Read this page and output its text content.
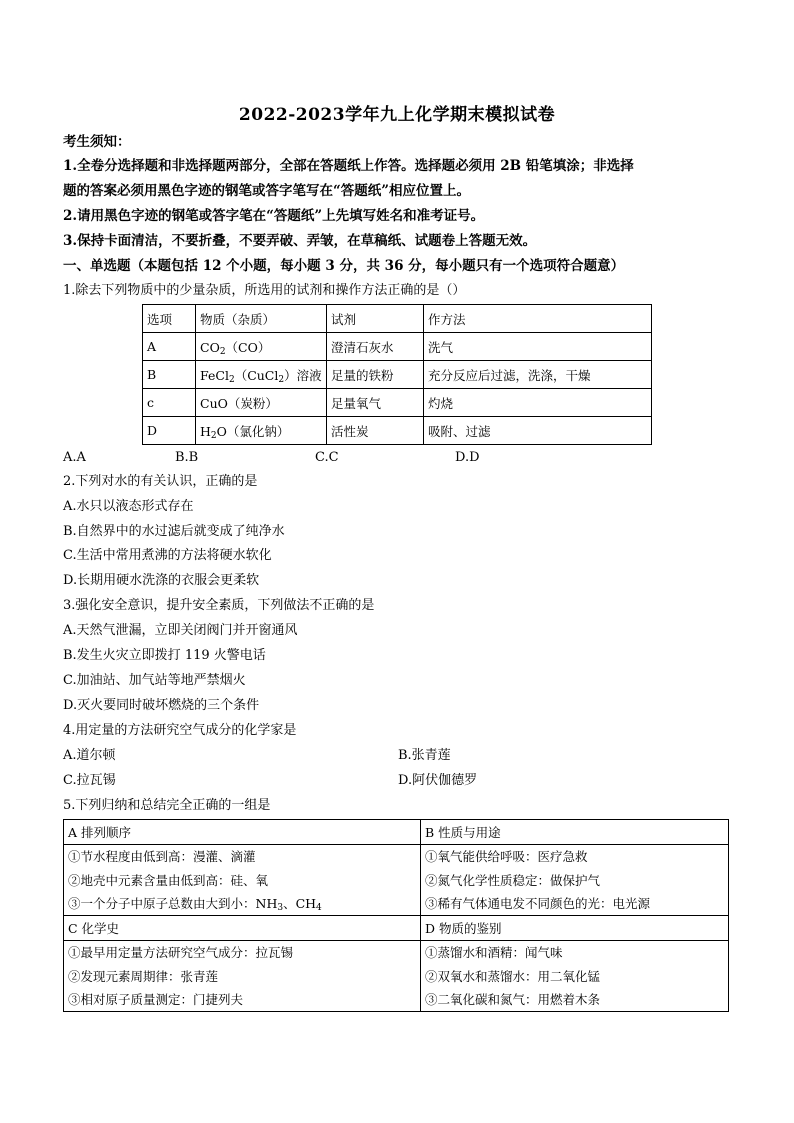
2022-2023学年九上化学期末模拟试卷
考生须知：
1.全卷分选择题和非选择题两部分，全部在答题纸上作答。选择题必须用 2B 铅笔填涂；非选择
题的答案必须用黑色字迹的钢笔或答字笔写在“答题纸”相应位置上。
2.请用黑色字迹的钢笔或答字笔在“答题纸”上先填写姓名和准考证号。
3.保持卡面清洁，不要折叠，不要弄破、弄皱，在草稿纸、试题卷上答题无效。
一、单选题（本题包括 12 个小题，每小题 3 分，共 36 分，每小题只有一个选项符合题意）
1.除去下列物质中的少量杂质，所选用的试剂和操作方法正确的是（）
选项	物质（杂质）	试剂	作方法
A	$CO_2(CO)$	澄清石灰水	洗气
B	FeCl$_2$（CuCl$_2$）溶液	足量的铁粉	充分反应后过滤，洗涤，干燥
c	CuO（炭粉）	足量氧气	灼烧
D	$H_2O$（氯化钠）	活性炭	吸附、过滤
A.A	B.B	C.C	D.D
2.下列对水的有关认识，正确的是
A.水只以液态形式存在
B.自然界中的水过滤后就变成了纯净水
C.生活中常用煮沸的方法将硬水软化
D.长期用硬水洗涤的衣服会更柔软
3.强化安全意识，提升安全素质，下列做法不正确的是
A.天然气泄漏，立即关闭阀门并开窗通风
B.发生火灾立即拨打 119 火警电话
C.加油站、加气站等地严禁烟火
D.灭火要同时破坏燃烧的三个条件
4.用定量的方法研究空气成分的化学家是
A.道尔顿	B.张青莲
C.拉瓦锡	D.阿伏伽德罗
5.下列归纳和总结完全正确的一组是
A 排列顺序	B 性质与用途
①节水程度由低到高：漫灌、滴灌	①氧气能供给呼吸：医疗急救
②地壳中元素含量由低到高：硅、氧	②氮气化学性质稳定：做保护气
③一个分子中原子总数由大到小：$NH_3$、$CH_4$	③稀有气体通电发不同颜色的光：电光源
C 化学史	D 物质的鉴别
①最早用定量方法研究空气成分：拉瓦锡	①蒸馏水和酒精：闻气味
②发现元素周期律：张青莲	②双氧水和蒸馏水：用二氧化锰
③相对原子质量测定：门捷列夫	③二氧化碳和氮气：用燃着木条
